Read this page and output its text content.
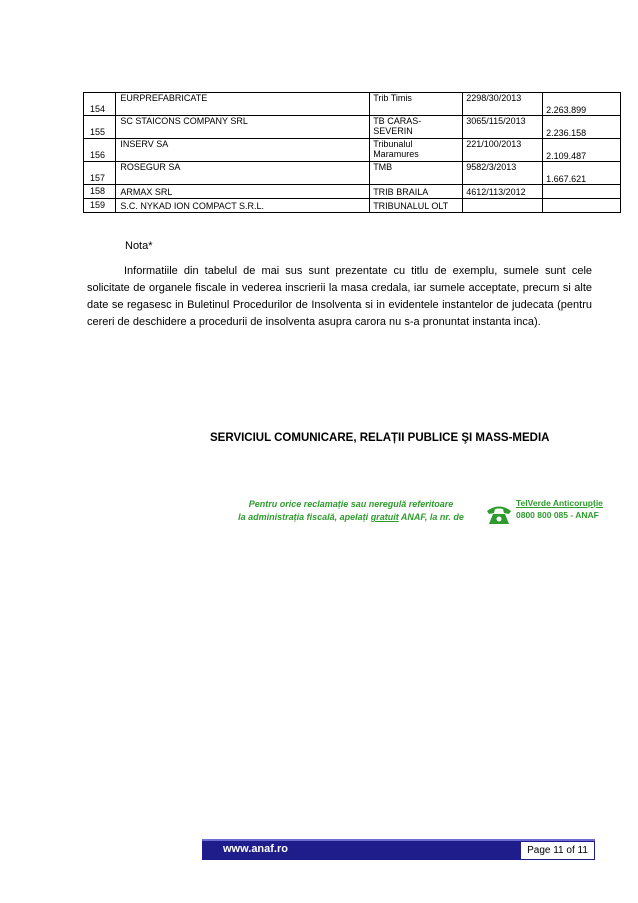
154	EURPREFABRICATE	Trib Timis	2298/30/2013	2.263.899
155	SC STAICONS COMPANY SRL	TB CARAS-SEVERIN	3065/115/2013	2.236.158
156	INSERV SA	Tribunalul Maramures	221/100/2013	2.109.487
157	ROSEGUR SA	TMB	9582/3/2013	1.667.621
158	ARMAX SRL	TRIB BRAILA	4612/113/2012	
159	S.C. NYKAD ION COMPACT S.R.L.	TRIBUNALUL OLT		
Nota*

Informatiile din tabelul de mai sus sunt prezentate cu titlu de exemplu, sumele sunt cele solicitate de organele fiscale in vederea inscrierii la masa credala, iar sumele acceptate, precum si alte date se regasesc in Buletinul Procedurilor de Insolventa si in evidentele instantelor de judecata (pentru cereri de deschidere a procedurii de insolventa asupra carora nu s-a pronuntat instanta inca).

SERVICIUL COMUNICARE, RELAȚII PUBLICE ŞI MASS-MEDIA
Pentru orice reclamație sau neregulă referitoare
la administrația fiscală, apelați gratuit ANAF, la nr. de
TelVerde Anticorupție
0800 800 085 - ANAF
www.anaf.ro	Page 11 of 11
